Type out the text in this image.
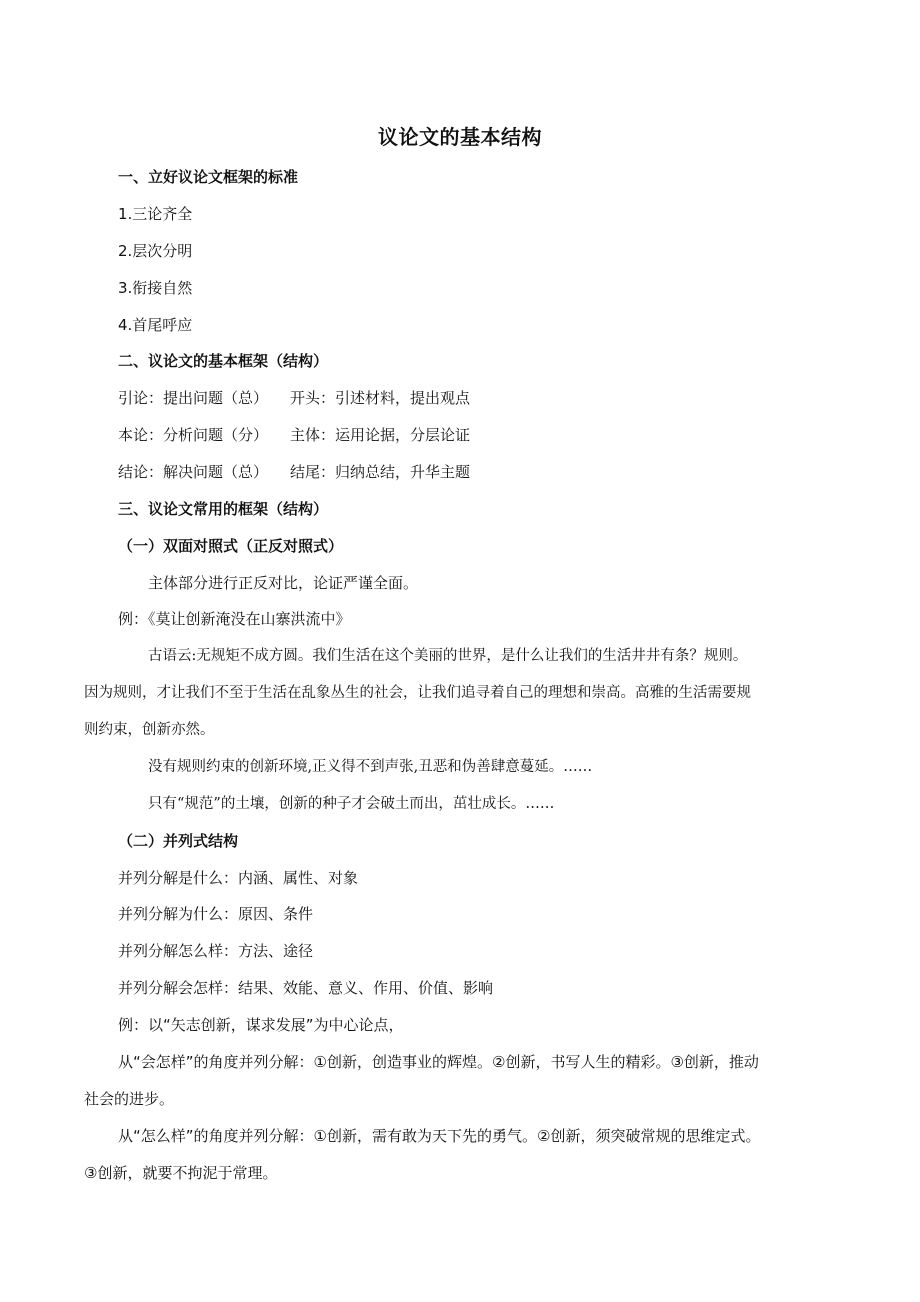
议论文的基本结构
一、立好议论文框架的标准
1.三论齐全
2.层次分明
3.衔接自然
4.首尾呼应
二、议论文的基本框架（结构）
引论：提出问题（总） 开头：引述材料，提出观点
本论：分析问题（分） 主体：运用论据，分层论证
结论：解决问题（总） 结尾：归纳总结，升华主题
三、议论文常用的框架（结构）
（一）双面对照式（正反对照式）
主体部分进行正反对比，论证严谨全面。
例：《莫让创新淹没在山寨洪流中》
古语云:无规矩不成方圆。我们生活在这个美丽的世界，是什么让我们的生活井井有条？规则。
因为规则，才让我们不至于生活在乱象丛生的社会，让我们追寻着自己的理想和崇高。高雅的生活需要规
则约束，创新亦然。
没有规则约束的创新环境,正义得不到声张,丑恶和伪善肆意蔓延。……
只有“规范”的土壤，创新的种子才会破土而出，茁壮成长。……
（二）并列式结构
并列分解是什么：内涵、属性、对象
并列分解为什么：原因、条件
并列分解怎么样：方法、途径
并列分解会怎样：结果、效能、意义、作用、价值、影响
例：以“矢志创新，谋求发展”为中心论点，
从“会怎样”的角度并列分解：①创新，创造事业的辉煌。②创新，书写人生的精彩。③创新，推动
社会的进步。
从“怎么样”的角度并列分解：①创新，需有敢为天下先的勇气。②创新，须突破常规的思维定式。
③创新，就要不拘泥于常理。
